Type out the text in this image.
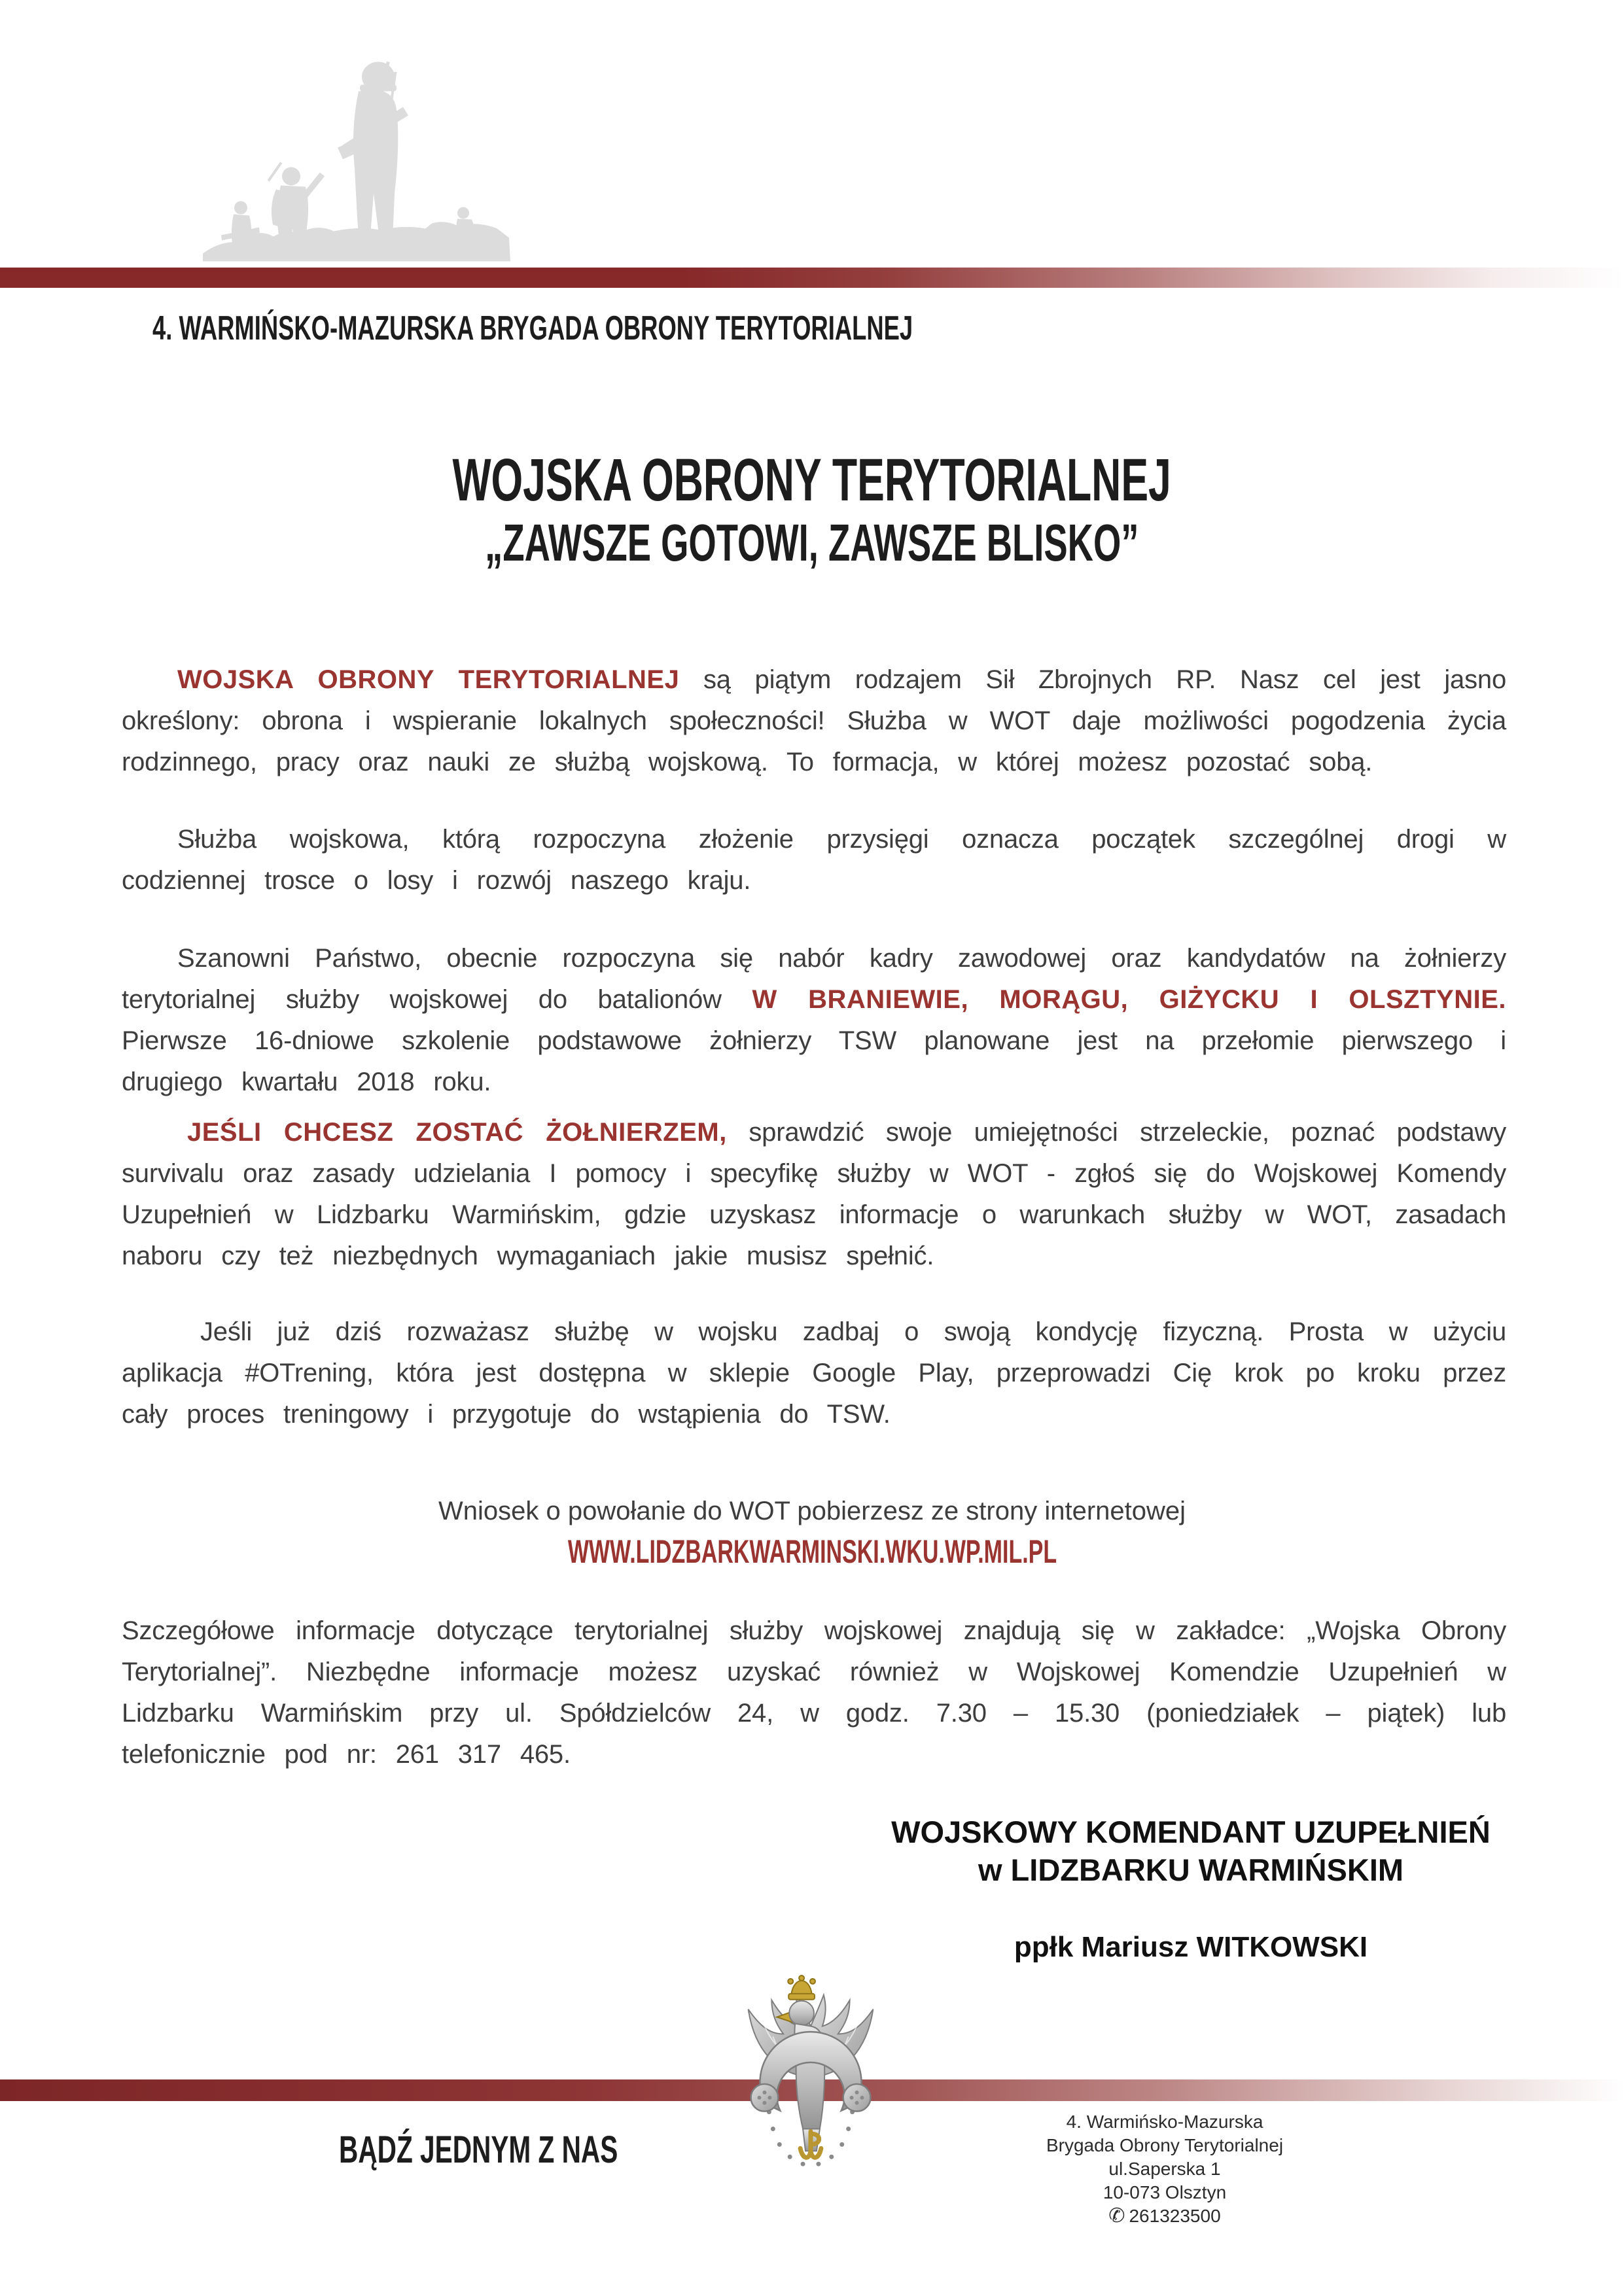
4. WARMIŃSKO-MAZURSKA BRYGADA OBRONY TERYTORIALNEJ
WOJSKA OBRONY TERYTORIALNEJ
„ZAWSZE GOTOWI, ZAWSZE BLISKO”

WOJSKA OBRONY TERYTORIALNEJ są piątym rodzajem Sił Zbrojnych RP. Nasz cel jest jasno określony: obrona i wspieranie lokalnych społeczności! Służba w WOT daje możliwości pogodzenia życia rodzinnego, pracy oraz nauki ze służbą wojskową. To formacja, w której możesz pozostać sobą.

Służba wojskowa, którą rozpoczyna złożenie przysięgi oznacza początek szczególnej drogi w codziennej trosce o losy i rozwój naszego kraju.

Szanowni Państwo, obecnie rozpoczyna się nabór kadry zawodowej oraz kandydatów na żołnierzy terytorialnej służby wojskowej do batalionów W BRANIEWIE, MORĄGU, GIŻYCKU I OLSZTYNIE. Pierwsze 16-dniowe szkolenie podstawowe żołnierzy TSW planowane jest na przełomie pierwszego i drugiego kwartału 2018 roku.

JEŚLI CHCESZ ZOSTAĆ ŻOŁNIERZEM, sprawdzić swoje umiejętności strzeleckie, poznać podstawy survivalu oraz zasady udzielania I pomocy i specyfikę służby w WOT - zgłoś się do Wojskowej Komendy Uzupełnień w Lidzbarku Warmińskim, gdzie uzyskasz informacje o warunkach służby w WOT, zasadach naboru czy też niezbędnych wymaganiach jakie musisz spełnić.

Jeśli już dziś rozważasz służbę w wojsku zadbaj o swoją kondycję fizyczną. Prosta w użyciu aplikacja #OTrening, która jest dostępna w sklepie Google Play, przeprowadzi Cię krok po kroku przez cały proces treningowy i przygotuje do wstąpienia do TSW.

Wniosek o powołanie do WOT pobierzesz ze strony internetowej

WWW.LIDZBARKWARMINSKI.WKU.WP.MIL.PL

Szczegółowe informacje dotyczące terytorialnej służby wojskowej znajdują się w zakładce: „Wojska Obrony Terytorialnej”. Niezbędne informacje możesz uzyskać również w Wojskowej Komendzie Uzupełnień w Lidzbarku Warmińskim przy ul. Spółdzielców 24, w godz. 7.30 – 15.30 (poniedziałek – piątek) lub telefonicznie pod nr: 261 317 465.

WOJSKOWY KOMENDANT UZUPEŁNIEŃ
w LIDZBARKU WARMIŃSKIM

ppłk Mariusz WITKOWSKI

BĄDŹ JEDNYM Z NAS
4. Warmińsko-Mazurska
Brygada Obrony Terytorialnej
ul.Saperska 1
10-073 Olsztyn
✆ 261323500
